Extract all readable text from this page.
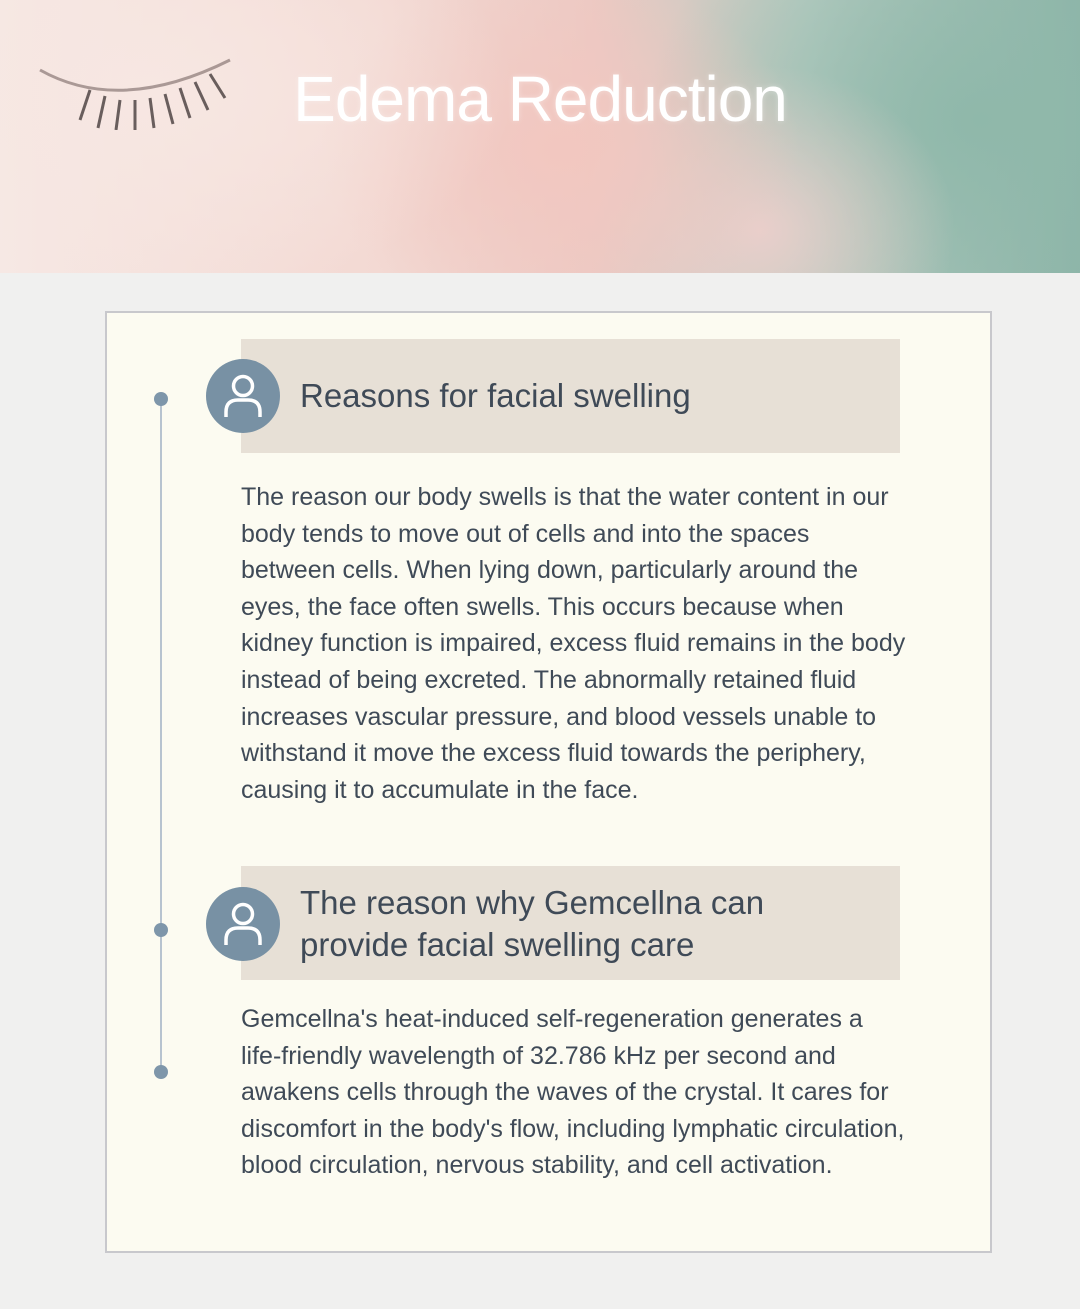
Edema Reduction
Reasons for facial swelling

The reason our body swells is that the water content in our body tends to move out of cells and into the spaces between cells. When lying down, particularly around the eyes, the face often swells. This occurs because when kidney function is impaired, excess fluid remains in the body instead of being excreted. The abnormally retained fluid increases vascular pressure, and blood vessels unable to withstand it move the excess fluid towards the periphery, causing it to accumulate in the face.

The reason why Gemcellna can provide facial swelling care

Gemcellna's heat-induced self-regeneration generates a life-friendly wavelength of 32.786 kHz per second and awakens cells through the waves of the crystal. It cares for discomfort in the body's flow, including lymphatic circulation, blood circulation, nervous stability, and cell activation.
